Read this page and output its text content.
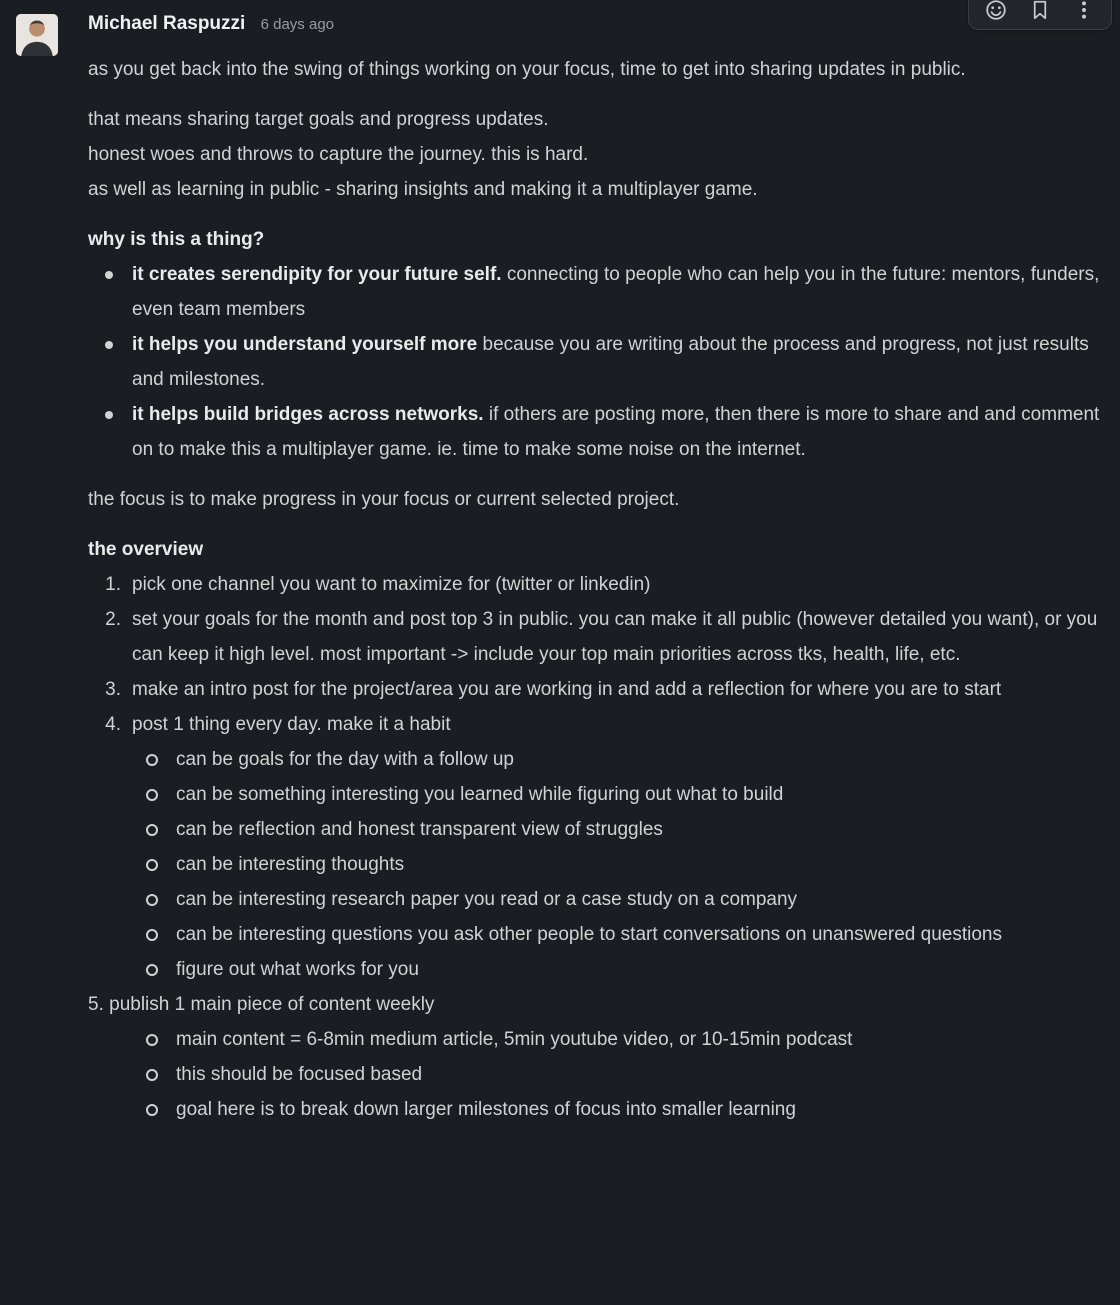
Michael Raspuzzi 6 days ago

as you get back into the swing of things working on your focus, time to get into sharing updates in public.

that means sharing target goals and progress updates.
honest woes and throws to capture the journey. this is hard.
as well as learning in public - sharing insights and making it a multiplayer game.

why is this a thing?

it creates serendipity for your future self. connecting to people who can help you in the future: mentors, funders, even team members
it helps you understand yourself more because you are writing about the process and progress, not just results and milestones.
it helps build bridges across networks. if others are posting more, then there is more to share and and comment on to make this a multiplayer game. ie. time to make some noise on the internet.

the focus is to make progress in your focus or current selected project.

the overview

1. pick one channel you want to maximize for (twitter or linkedin)
2. set your goals for the month and post top 3 in public. you can make it all public (however detailed you want), or you can keep it high level. most important -> include your top main priorities across tks, health, life, etc.
3. make an intro post for the project/area you are working in and add a reflection for where you are to start
4. post 1 thing every day. make it a habit
can be goals for the day with a follow up
can be something interesting you learned while figuring out what to build
can be reflection and honest transparent view of struggles
can be interesting thoughts
can be interesting research paper you read or a case study on a company
can be interesting questions you ask other people to start conversations on unanswered questions
figure out what works for you
5. publish 1 main piece of content weekly
main content = 6-8min medium article, 5min youtube video, or 10-15min podcast
this should be focused based
goal here is to break down larger milestones of focus into smaller learning
